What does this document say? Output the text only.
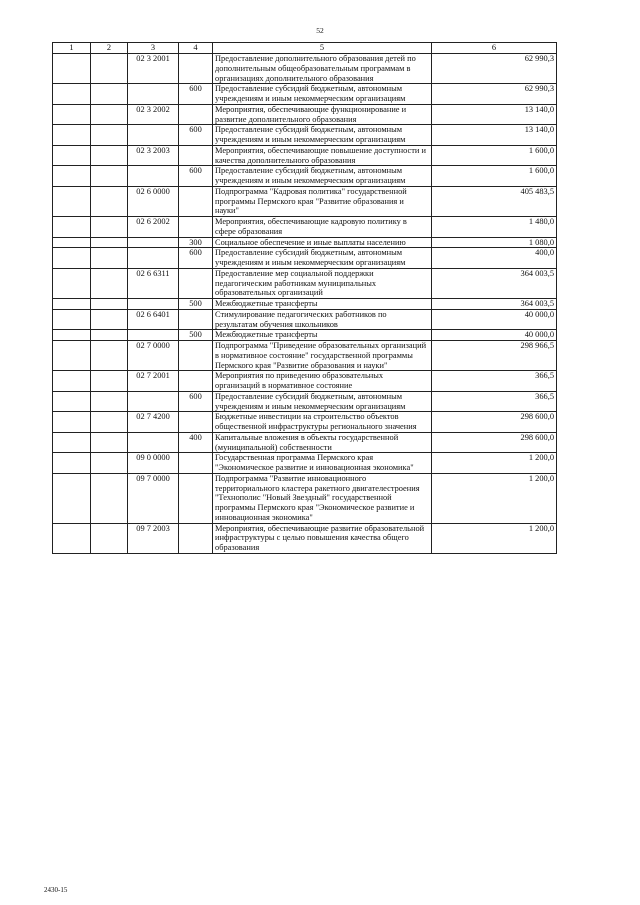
52
1	2	3	4	5	6
		02 3 2001		Предоставление дополнительного образования детей по дополнительным общеобразовательным программам в организациях дополнительного образования	62 990,3
			600	Предоставление субсидий бюджетным, автономным учреждениям и иным некоммерческим организациям	62 990,3
		02 3 2002		Мероприятия, обеспечивающие функционирование и развитие дополнительного образования	13 140,0
			600	Предоставление субсидий бюджетным, автономным учреждениям и иным некоммерческим организациям	13 140,0
		02 3 2003		Мероприятия, обеспечивающие повышение доступности и качества дополнительного образования	1 600,0
			600	Предоставление субсидий бюджетным, автономным учреждениям и иным некоммерческим организациям	1 600,0
		02 6 0000		Подпрограмма "Кадровая политика" государственной программы Пермского края "Развитие образования и науки"	405 483,5
		02 6 2002		Мероприятия, обеспечивающие кадровую политику в сфере образования	1 480,0
			300	Социальное обеспечение и иные выплаты населению	1 080,0
			600	Предоставление субсидий бюджетным, автономным учреждениям и иным некоммерческим организациям	400,0
		02 6 6311		Предоставление мер социальной поддержки педагогическим работникам муниципальных образовательных организаций	364 003,5
			500	Межбюджетные трансферты	364 003,5
		02 6 6401		Стимулирование педагогических работников по результатам обучения школьников	40 000,0
			500	Межбюджетные трансферты	40 000,0
		02 7 0000		Подпрограмма "Приведение образовательных организаций в нормативное состояние" государственной программы Пермского края "Развитие образования и науки"	298 966,5
		02 7 2001		Мероприятия по приведению образовательных организаций в нормативное состояние	366,5
			600	Предоставление субсидий бюджетным, автономным учреждениям и иным некоммерческим организациям	366,5
		02 7 4200		Бюджетные инвестиции на строительство объектов общественной инфраструктуры регионального значения	298 600,0
			400	Капитальные вложения в объекты государственной (муниципальной) собственности	298 600,0
		09 0 0000		Государственная программа Пермского края "Экономическое развитие и инновационная экономика"	1 200,0
		09 7 0000		Подпрограмма "Развитие инновационного территориального кластера ракетного двигателестроения "Технополис "Новый Звездный" государственной программы Пермского края "Экономическое развитие и инновационная экономика"	1 200,0
		09 7 2003		Мероприятия, обеспечивающие развитие образовательной инфраструктуры с целью повышения качества общего образования	1 200,0
2430-15
